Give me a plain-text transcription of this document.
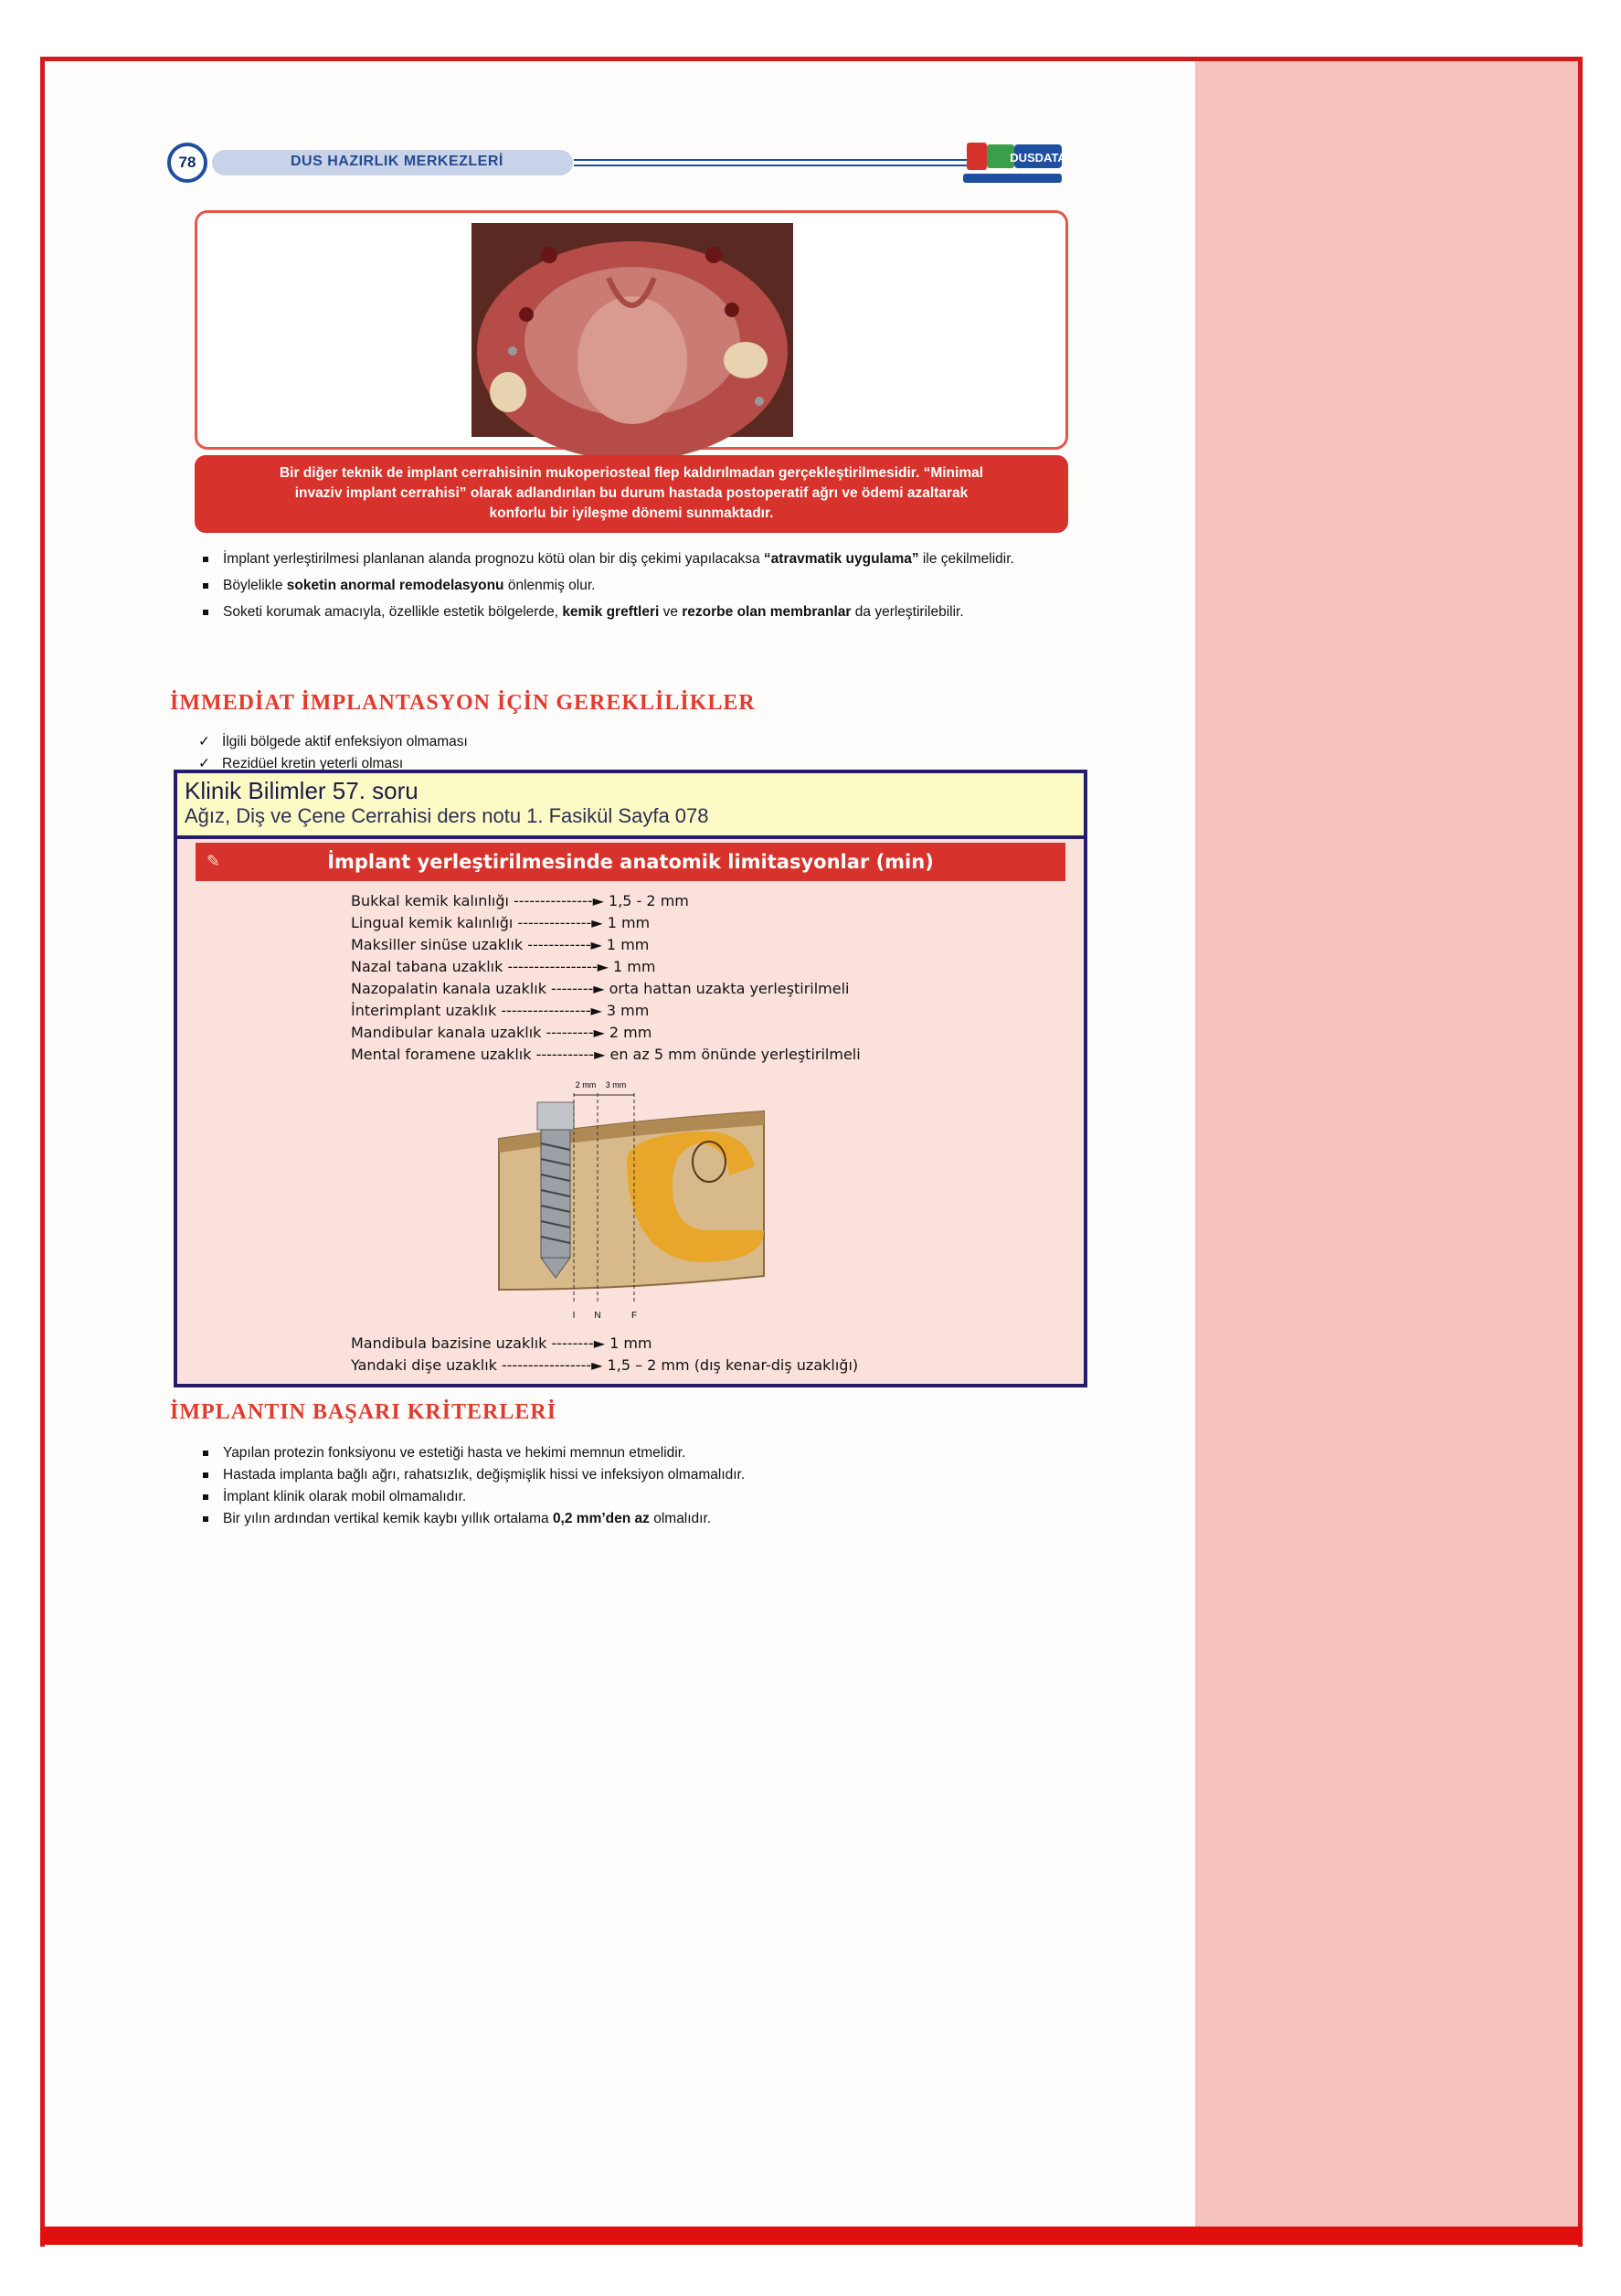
78	DUS HAZIRLIK MERKEZLERİ	DUSDATA
Bir diğer teknik de implant cerrahisinin mukoperiosteal flep kaldırılmadan gerçekleştirilmesidir. “Minimal
invaziv implant cerrahisi” olarak adlandırılan bu durum hastada postoperatif ağrı ve ödemi azaltarak
konforlu bir iyileşme dönemi sunmaktadır.
İmplant yerleştirilmesi planlanan alanda prognozu kötü olan bir diş çekimi yapılacaksa “atravmatik uygulama” ile çekilmelidir.
Böylelikle soketin anormal remodelasyonu önlenmiş olur.
Soketi korumak amacıyla, özellikle estetik bölgelerde, kemik greftleri ve rezorbe olan membranlar da yerleştirilebilir.
İMMEDİAT İMPLANTASYON İÇİN GEREKLİLİKLER
✓ İlgili bölgede aktif enfeksiyon olmaması
✓
Klinik Bilimler 57. soru
Ağız, Diş ve Çene Cerrahisi ders notu 1. Fasikül Sayfa 078
✎	İmplant yerleştirilmesinde anatomik limitasyonlar (min)
Bukkal kemik kalınlığı ---------------► 1,5 - 2 mm
Lingual kemik kalınlığı --------------► 1 mm
Maksiller sinüse uzaklık ------------► 1 mm
Nazal tabana uzaklık -----------------► 1 mm
Nazopalatin kanala uzaklık --------► orta hattan uzakta yerleştirilmeli
İnterimplant uzaklık -----------------► 3 mm
Mandibular kanala uzaklık ---------► 2 mm
Mental foramene uzaklık -----------► en az 5 mm önünde yerleştirilmeli
2 mm 3 mm
I N	F
Mandibula bazisine uzaklık --------► 1 mm
Yandaki dişe uzaklık -----------------► 1,5 – 2 mm (dış kenar-diş uzaklığı)
İMPLANTIN BAŞARI KRİTERLERİ
Yapılan protezin fonksiyonu ve estetiği hasta ve hekimi memnun etmelidir.
Hastada implanta bağlı ağrı, rahatsızlık, değişmişlik hissi ve infeksiyon olmamalıdır.
İmplant klinik olarak mobil olmamalıdır.
Bir yılın ardından vertikal kemik kaybı yıllık ortalama 0,2 mm’den az olmalıdır.
